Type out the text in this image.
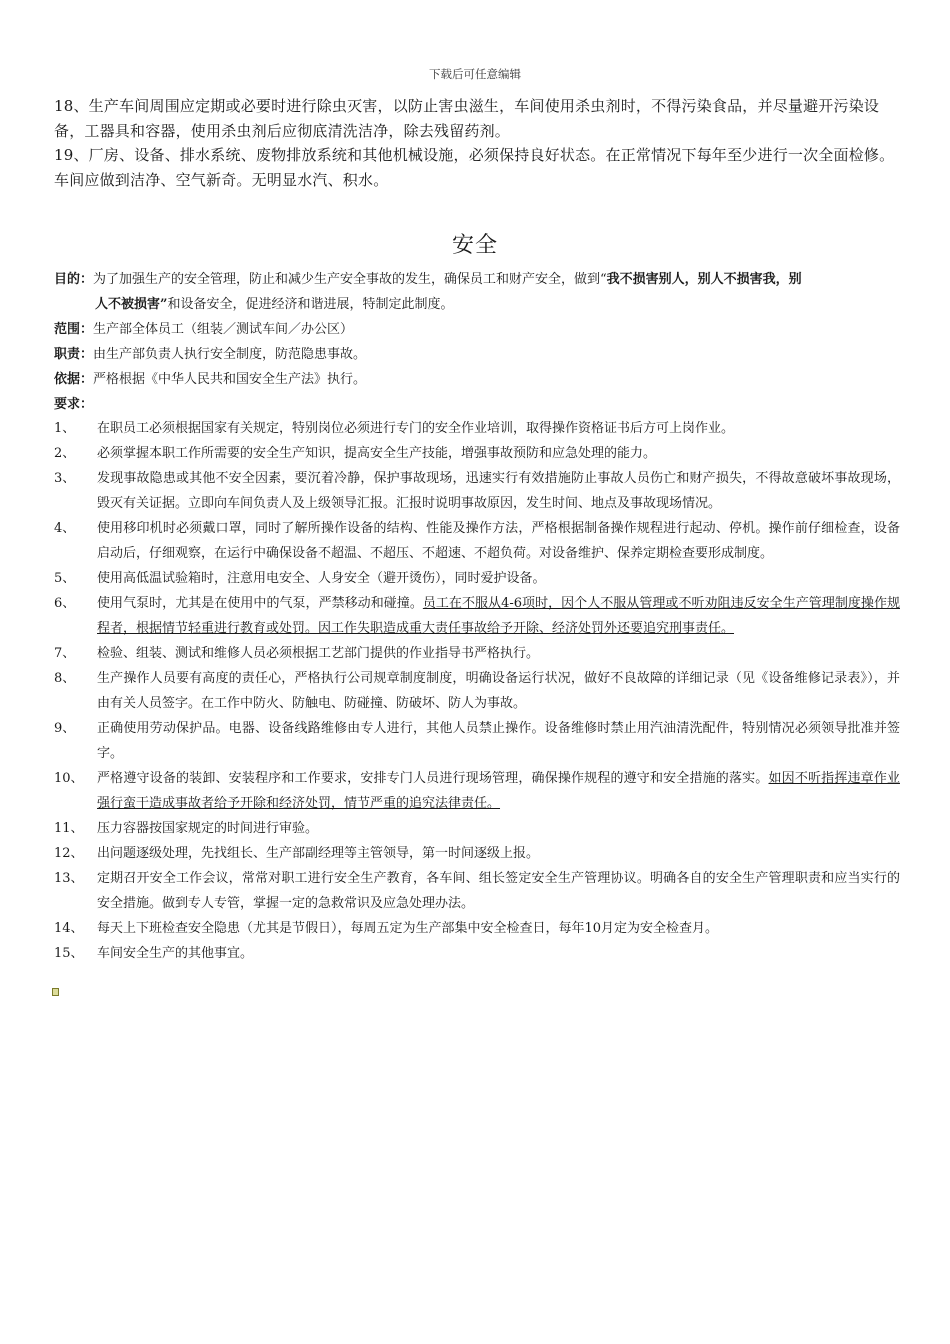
下载后可任意编辑
18、生产车间周围应定期或必要时进行除虫灭害，以防止害虫滋生，车间使用杀虫剂时，不得污染食品，并尽量避开污染设备，工器具和容器，使用杀虫剂后应彻底清洗洁净，除去残留药剂。
19、厂房、设备、排水系统、废物排放系统和其他机械设施，必须保持良好状态。在正常情况下每年至少进行一次全面检修。车间应做到洁净、空气新奇。无明显水汽、积水。
安全
目的：为了加强生产的安全管理，防止和减少生产安全事故的发生，确保员工和财产安全，做到“我不损害别人，别人不损害我，别
人不被损害”和设备安全，促进经济和谐进展，特制定此制度。
范围：生产部全体员工（组装／测试车间／办公区）
职责：由生产部负责人执行安全制度，防范隐患事故。
依据：严格根据《中华人民共和国安全生产法》执行。
要求：
1、	在职员工必须根据国家有关规定，特别岗位必须进行专门的安全作业培训，取得操作资格证书后方可上岗作业。
2、	必须掌握本职工作所需要的安全生产知识，提高安全生产技能，增强事故预防和应急处理的能力。
3、	发现事故隐患或其他不安全因素，要沉着冷静，保护事故现场，迅速实行有效措施防止事故人员伤亡和财产损失，不得故意破坏事故现场，毁灭有关证据。立即向车间负责人及上级领导汇报。汇报时说明事故原因，发生时间、地点及事故现场情况。
4、	使用移印机时必须戴口罩，同时了解所操作设备的结构、性能及操作方法，严格根据制备操作规程进行起动、停机。操作前仔细检查，设备启动后，仔细观察，在运行中确保设备不超温、不超压、不超速、不超负荷。对设备维护、保养定期检查要形成制度。
5、	使用高低温试验箱时，注意用电安全、人身安全（避开烫伤），同时爱护设备。
6、	使用气泵时，尤其是在使用中的气泵，严禁移动和碰撞。员工在不服从4-6项时，因个人不服从管理或不听劝阻违反安全生产管理制度操作规程者，根据情节轻重进行教育或处罚。因工作失职造成重大责任事故给予开除、经济处罚外还要追究刑事责任。
7、	检验、组装、测试和维修人员必须根据工艺部门提供的作业指导书严格执行。
8、	生产操作人员要有高度的责任心，严格执行公司规章制度制度，明确设备运行状况，做好不良故障的详细记录（见《设备维修记录表》），并由有关人员签字。在工作中防火、防触电、防碰撞、防破坏、防人为事故。
9、	正确使用劳动保护品。电器、设备线路维修由专人进行，其他人员禁止操作。设备维修时禁止用汽油清洗配件，特别情况必须领导批准并签字。
10、	严格遵守设备的装卸、安装程序和工作要求，安排专门人员进行现场管理，确保操作规程的遵守和安全措施的落实。如因不听指挥违章作业强行蛮干造成事故者给予开除和经济处罚，情节严重的追究法律责任。
11、	压力容器按国家规定的时间进行审验。
12、	出问题逐级处理，先找组长、生产部副经理等主管领导，第一时间逐级上报。
13、	定期召开安全工作会议，常常对职工进行安全生产教育，各车间、组长签定安全生产管理协议。明确各自的安全生产管理职责和应当实行的安全措施。做到专人专管，掌握一定的急救常识及应急处理办法。
14、	每天上下班检查安全隐患（尤其是节假日），每周五定为生产部集中安全检查日，每年10月定为安全检查月。
15、	车间安全生产的其他事宜。
